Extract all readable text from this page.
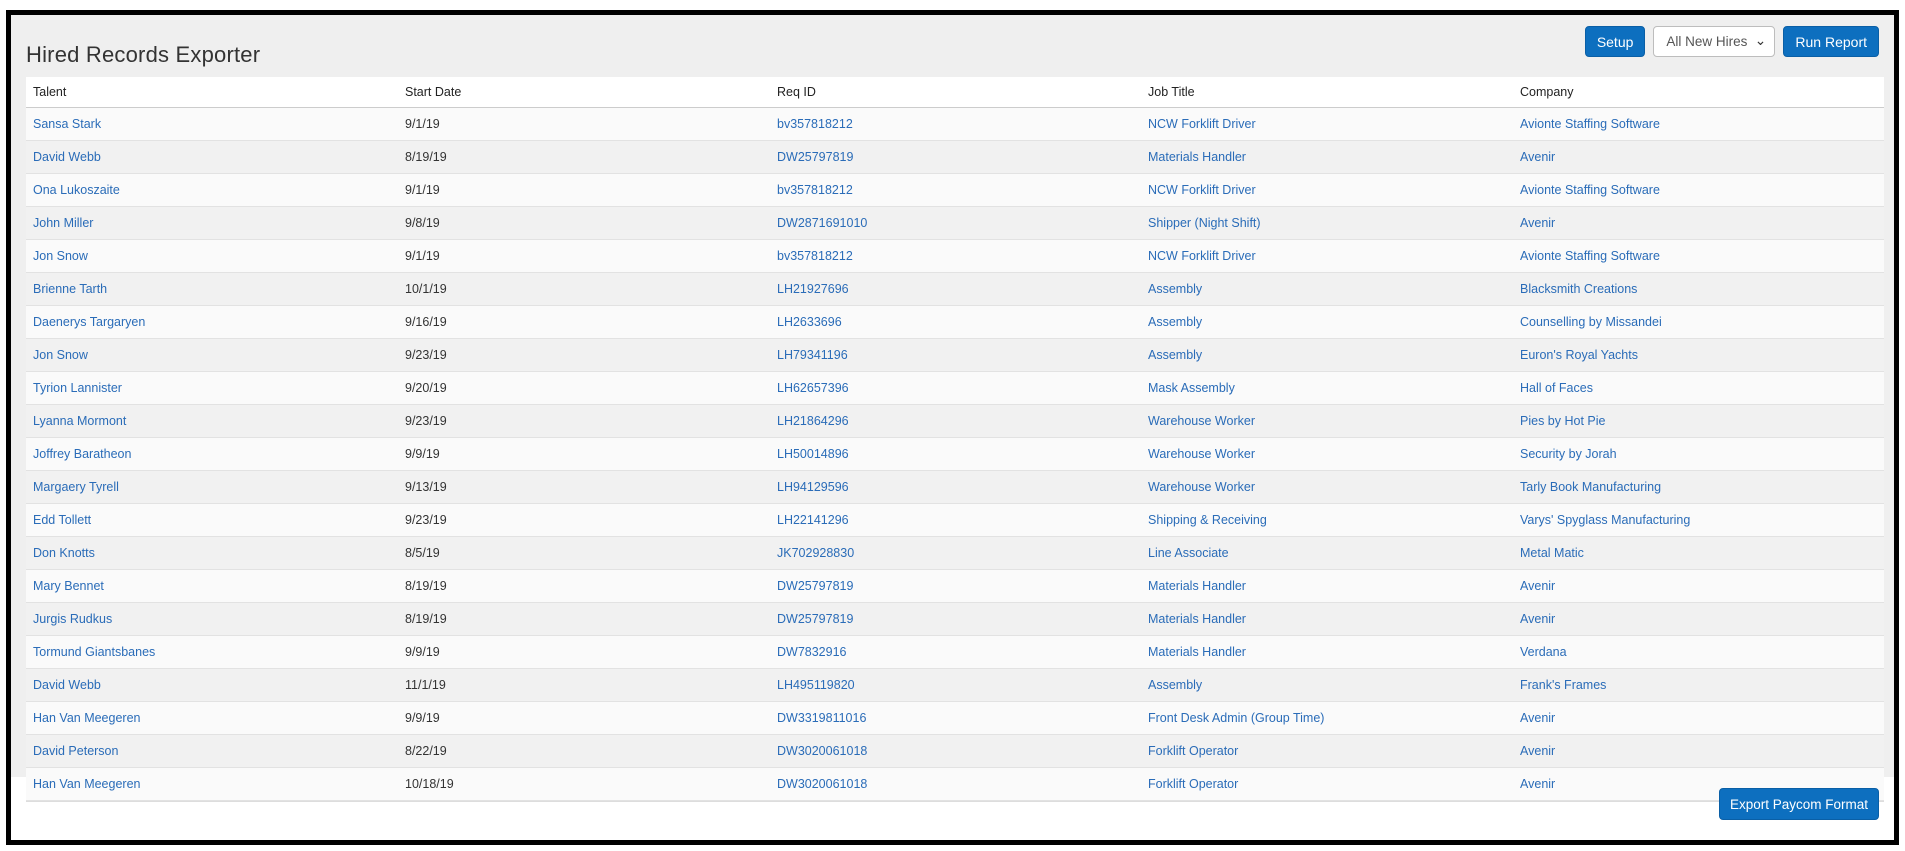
Hired Records Exporter
Setup	All New Hires ⌄	Run Report
Talent	Start Date	Req ID	Job Title	Company
Sansa Stark	9/1/19	bv357818212	NCW Forklift Driver	Avionte Staffing Software
David Webb	8/19/19	DW25797819	Materials Handler	Avenir
Ona Lukoszaite	9/1/19	bv357818212	NCW Forklift Driver	Avionte Staffing Software
John Miller	9/8/19	DW2871691010	Shipper (Night Shift)	Avenir
Jon Snow	9/1/19	bv357818212	NCW Forklift Driver	Avionte Staffing Software
Brienne Tarth	10/1/19	LH21927696	Assembly	Blacksmith Creations
Daenerys Targaryen	9/16/19	LH2633696	Assembly	Counselling by Missandei
Jon Snow	9/23/19	LH79341196	Assembly	Euron's Royal Yachts
Tyrion Lannister	9/20/19	LH62657396	Mask Assembly	Hall of Faces
Lyanna Mormont	9/23/19	LH21864296	Warehouse Worker	Pies by Hot Pie
Joffrey Baratheon	9/9/19	LH50014896	Warehouse Worker	Security by Jorah
Margaery Tyrell	9/13/19	LH94129596	Warehouse Worker	Tarly Book Manufacturing
Edd Tollett	9/23/19	LH22141296	Shipping & Receiving	Varys' Spyglass Manufacturing
Don Knotts	8/5/19	JK702928830	Line Associate	Metal Matic
Mary Bennet	8/19/19	DW25797819	Materials Handler	Avenir
Jurgis Rudkus	8/19/19	DW25797819	Materials Handler	Avenir
Tormund Giantsbanes	9/9/19	DW7832916	Materials Handler	Verdana
David Webb	11/1/19	LH495119820	Assembly	Frank's Frames
Han Van Meegeren	9/9/19	DW3319811016	Front Desk Admin (Group Time)	Avenir
David Peterson	8/22/19	DW3020061018	Forklift Operator	Avenir
Han Van Meegeren	10/18/19	DW3020061018	Forklift Operator	Avenir
Export Paycom Format
